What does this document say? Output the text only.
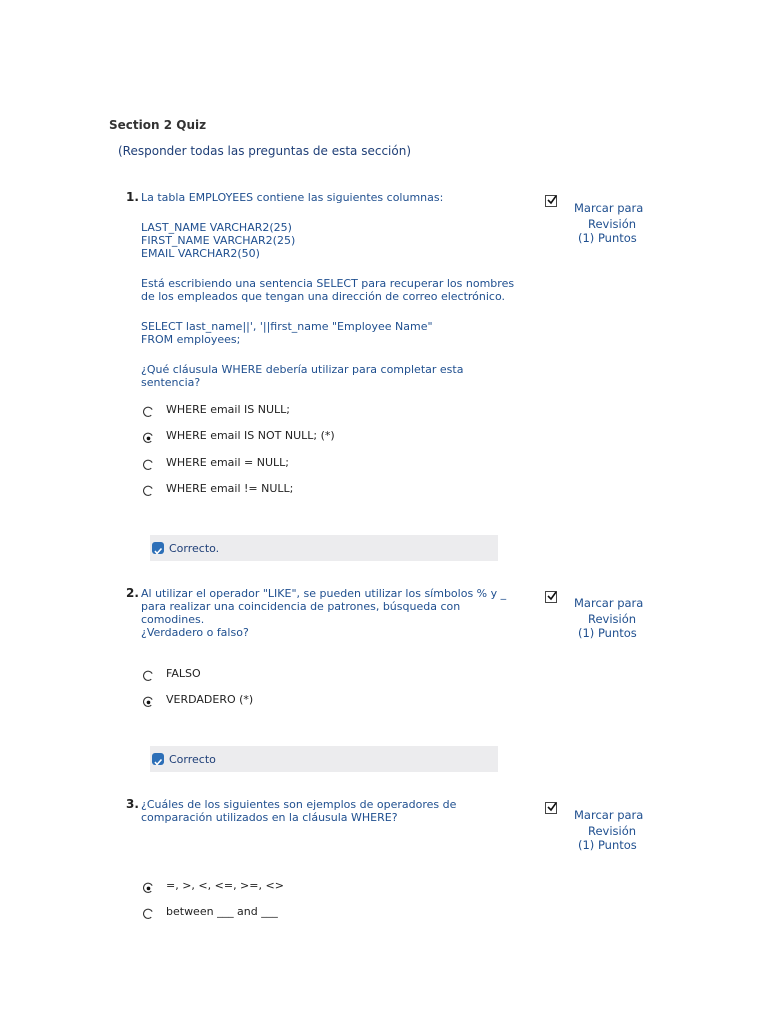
Section 2 Quiz
(Responder todas las preguntas de esta sección)
1. La tabla EMPLOYEES contiene las siguientes columnas:

LAST_NAME VARCHAR2(25)
FIRST_NAME VARCHAR2(25)
EMAIL VARCHAR2(50)

Está escribiendo una sentencia SELECT para recuperar los nombres
de los empleados que tengan una dirección de correo electrónico.

SELECT last_name||', '||first_name "Employee Name"
FROM employees;

¿Qué cláusula WHERE debería utilizar para completar esta sentencia?

Marcar para
Revisión
(1) Puntos
WHERE email IS NULL;
WHERE email IS NOT NULL; (*)
WHERE email = NULL;
WHERE email != NULL;
Correcto.
2. Al utilizar el operador "LIKE", se pueden utilizar los símbolos % y _
para realizar una coincidencia de patrones, búsqueda con comodines.
¿Verdadero o falso?

Marcar para
Revisión
(1) Puntos
FALSO
VERDADERO (*)
Correcto
3. ¿Cuáles de los siguientes son ejemplos de operadores de
comparación utilizados en la cláusula WHERE?	Marcar para
Revisión
(1) Puntos
=, >, <, <=, >=, <>
between ___ and ___
